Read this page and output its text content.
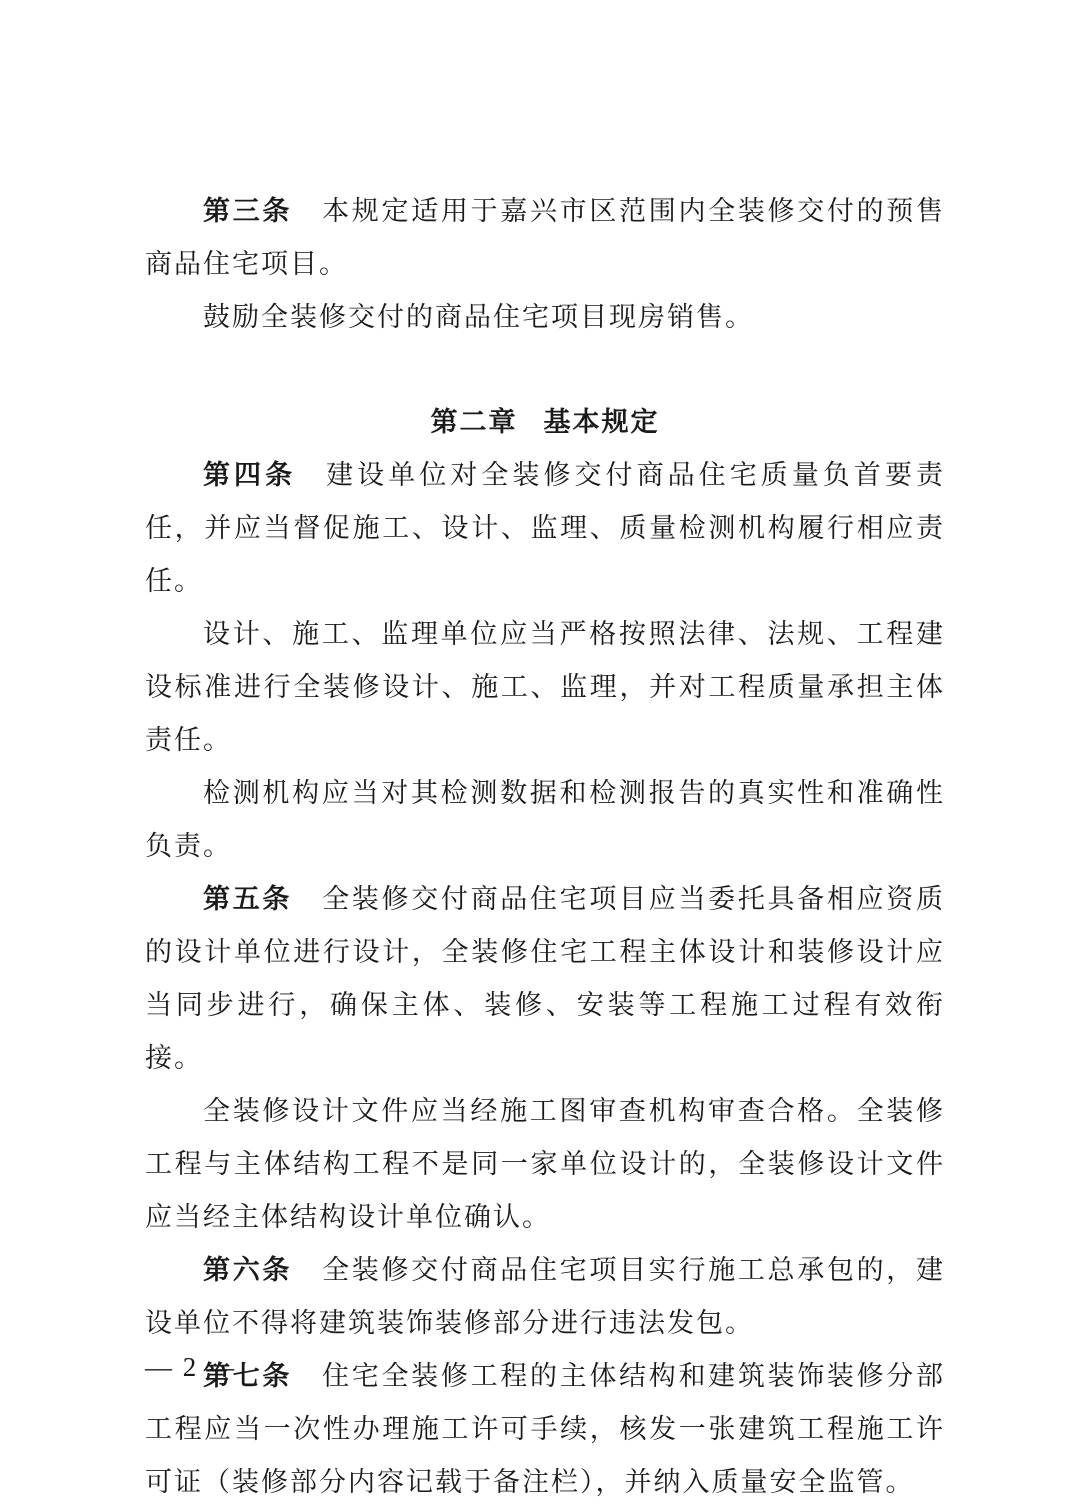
第三条 本规定适用于嘉兴市区范围内全装修交付的预售商品住宅项目。

鼓励全装修交付的商品住宅项目现房销售。

第二章 基本规定

第四条 建设单位对全装修交付商品住宅质量负首要责任，并应当督促施工、设计、监理、质量检测机构履行相应责任。

设计、施工、监理单位应当严格按照法律、法规、工程建设标准进行全装修设计、施工、监理，并对工程质量承担主体责任。

检测机构应当对其检测数据和检测报告的真实性和准确性负责。

第五条 全装修交付商品住宅项目应当委托具备相应资质的设计单位进行设计，全装修住宅工程主体设计和装修设计应当同步进行，确保主体、装修、安装等工程施工过程有效衔接。

全装修设计文件应当经施工图审查机构审查合格。全装修工程与主体结构工程不是同一家单位设计的，全装修设计文件应当经主体结构设计单位确认。

第六条 全装修交付商品住宅项目实行施工总承包的，建设单位不得将建筑装饰装修部分进行违法发包。

第七条 住宅全装修工程的主体结构和建筑装饰装修分部工程应当一次性办理施工许可手续，核发一张建筑工程施工许可证（装修部分内容记载于备注栏），并纳入质量安全监管。

— 2 —
